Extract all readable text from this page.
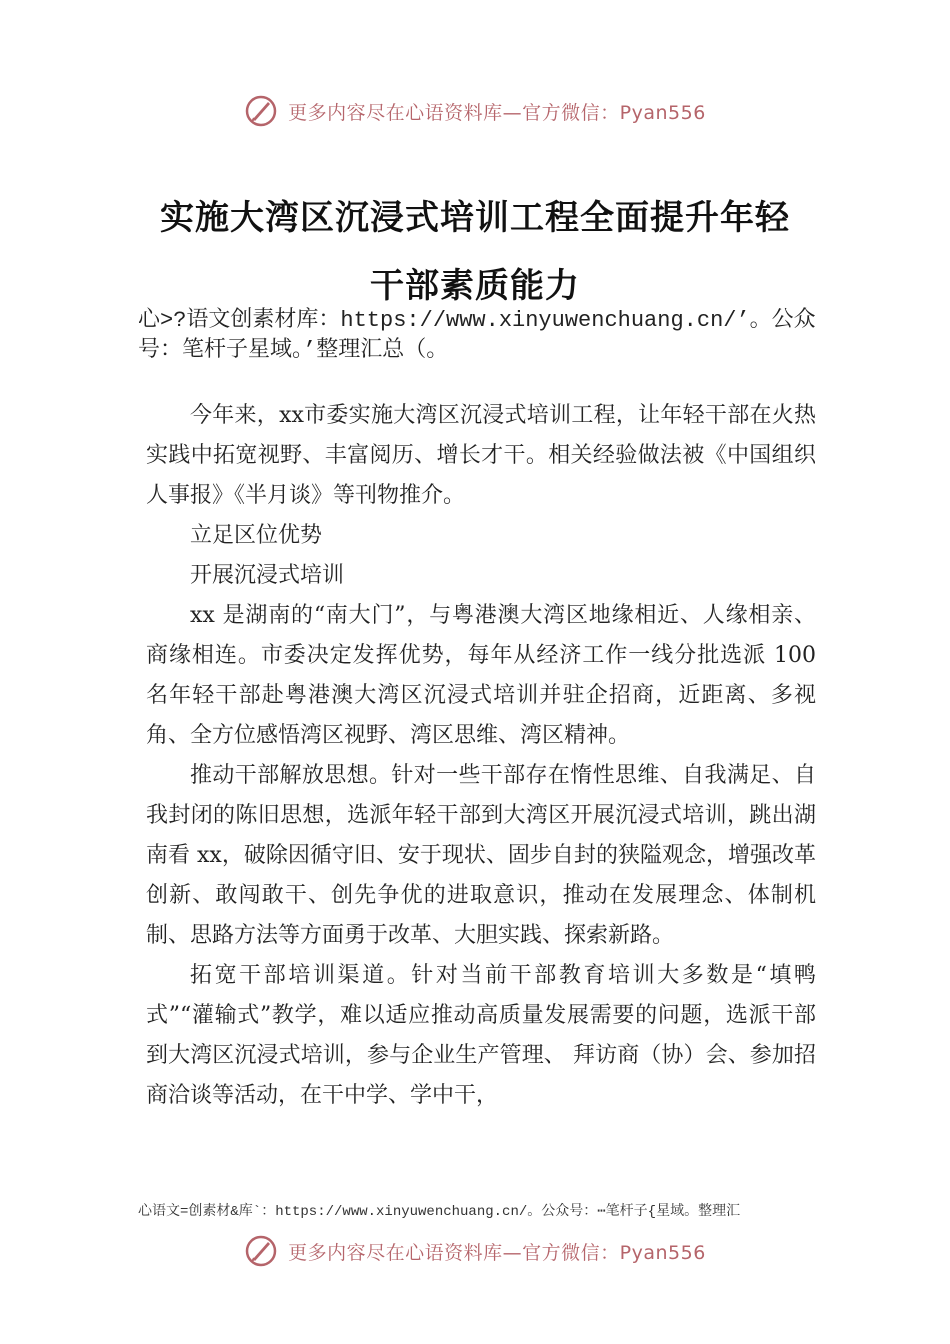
更多内容尽在心语资料库—官方微信：Pyan556
实施大湾区沉浸式培训工程全面提升年轻
干部素质能力
心>?语文创素材库：https://www.xinyuwenchuang.cn/’。公众号：笔杆子星域。’整理汇总（。

今年来，xx市委实施大湾区沉浸式培训工程，让年轻干部在火热实践中拓宽视野、丰富阅历、增长才干。相关经验做法被《中国组织人事报》《半月谈》等刊物推介。

立足区位优势

开展沉浸式培训

xx 是湖南的“南大门”，与粤港澳大湾区地缘相近、人缘相亲、商缘相连。市委决定发挥优势，每年从经济工作一线分批选派 100 名年轻干部赴粤港澳大湾区沉浸式培训并驻企招商，近距离、多视角、全方位感悟湾区视野、湾区思维、湾区精神。

推动干部解放思想。针对一些干部存在惰性思维、自我满足、自我封闭的陈旧思想，选派年轻干部到大湾区开展沉浸式培训，跳出湖南看 xx，破除因循守旧、安于现状、固步自封的狭隘观念，增强改革创新、敢闯敢干、创先争优的进取意识，推动在发展理念、体制机制、思路方法等方面勇于改革、大胆实践、探索新路。

拓宽干部培训渠道。针对当前干部教育培训大多数是“填鸭式”“灌输式”教学，难以适应推动高质量发展需要的问题，选派干部到大湾区沉浸式培训，参与企业生产管理、 拜访商（协）会、参加招商洽谈等活动，在干中学、学中干，

心语文=创素材&库`：https://www.xinyuwenchuang.cn/。公众号：⋯笔杆子{星域。整理汇
更多内容尽在心语资料库—官方微信：Pyan556
